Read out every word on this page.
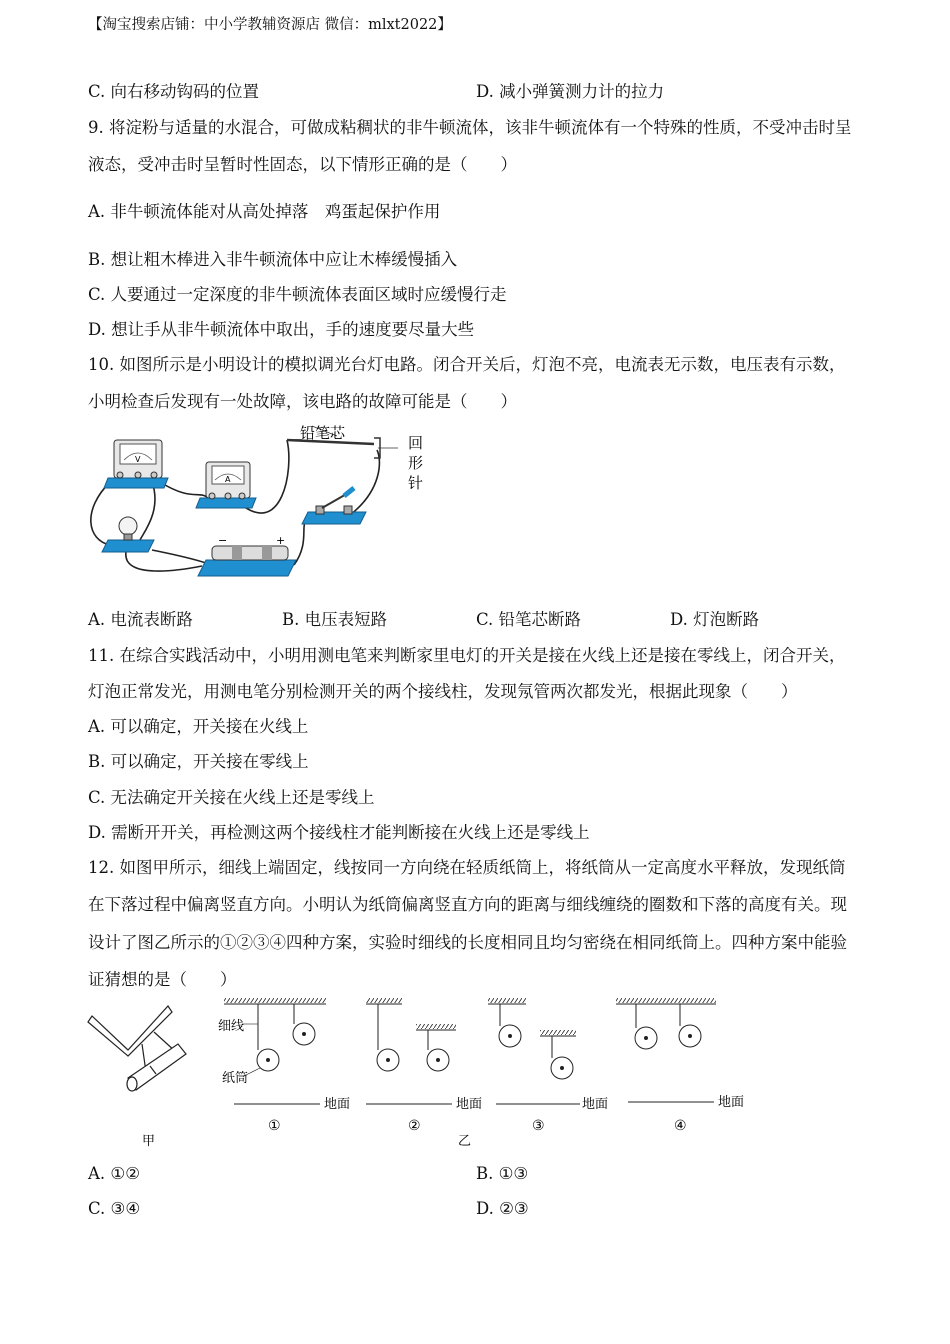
【淘宝搜索店铺：中小学教辅资源店 微信：mlxt2022】
C. 向右移动钩码的位置	D. 减小弹簧测力计的拉力
9. 将淀粉与适量的水混合，可做成粘稠状的非牛顿流体，该非牛顿流体有一个特殊的性质，不受冲击时呈
液态，受冲击时呈暂时性固态，以下情形正确的是（　　）
A. 非牛顿流体能对从高处掉落　鸡蛋起保护作用
B. 想让粗木棒进入非牛顿流体中应让木棒缓慢插入
C. 人要通过一定深度的非牛顿流体表面区域时应缓慢行走
D. 想让手从非牛顿流体中取出，手的速度要尽量大些
10. 如图所示是小明设计的模拟调光台灯电路。闭合开关后，灯泡不亮，电流表无示数，电压表有示数，
小明检查后发现有一处故障，该电路的故障可能是（　　）
V
A
−	+
铅笔芯
回
形
针
A. 电流表断路	B. 电压表短路	C. 铅笔芯断路	D. 灯泡断路
11. 在综合实践活动中，小明用测电笔来判断家里电灯的开关是接在火线上还是接在零线上，闭合开关，
灯泡正常发光，用测电笔分别检测开关的两个接线柱，发现氖管两次都发光，根据此现象（　　）
A. 可以确定，开关接在火线上
B. 可以确定，开关接在零线上
C. 无法确定开关接在火线上还是零线上
D. 需断开开关，再检测这两个接线柱才能判断接在火线上还是零线上
12. 如图甲所示，细线上端固定，线按同一方向绕在轻质纸筒上，将纸筒从一定高度水平释放，发现纸筒
在下落过程中偏离竖直方向。小明认为纸筒偏离竖直方向的距离与细线缠绕的圈数和下落的高度有关。现
设计了图乙所示的①②③④四种方案，实验时细线的长度相同且均匀密绕在相同纸筒上。四种方案中能验
证猜想的是（　　）
甲
细线
纸筒
地面
①
地面
②
乙
地面
③
地面
④
A. ①②	B. ①③
C. ③④	D. ②③
